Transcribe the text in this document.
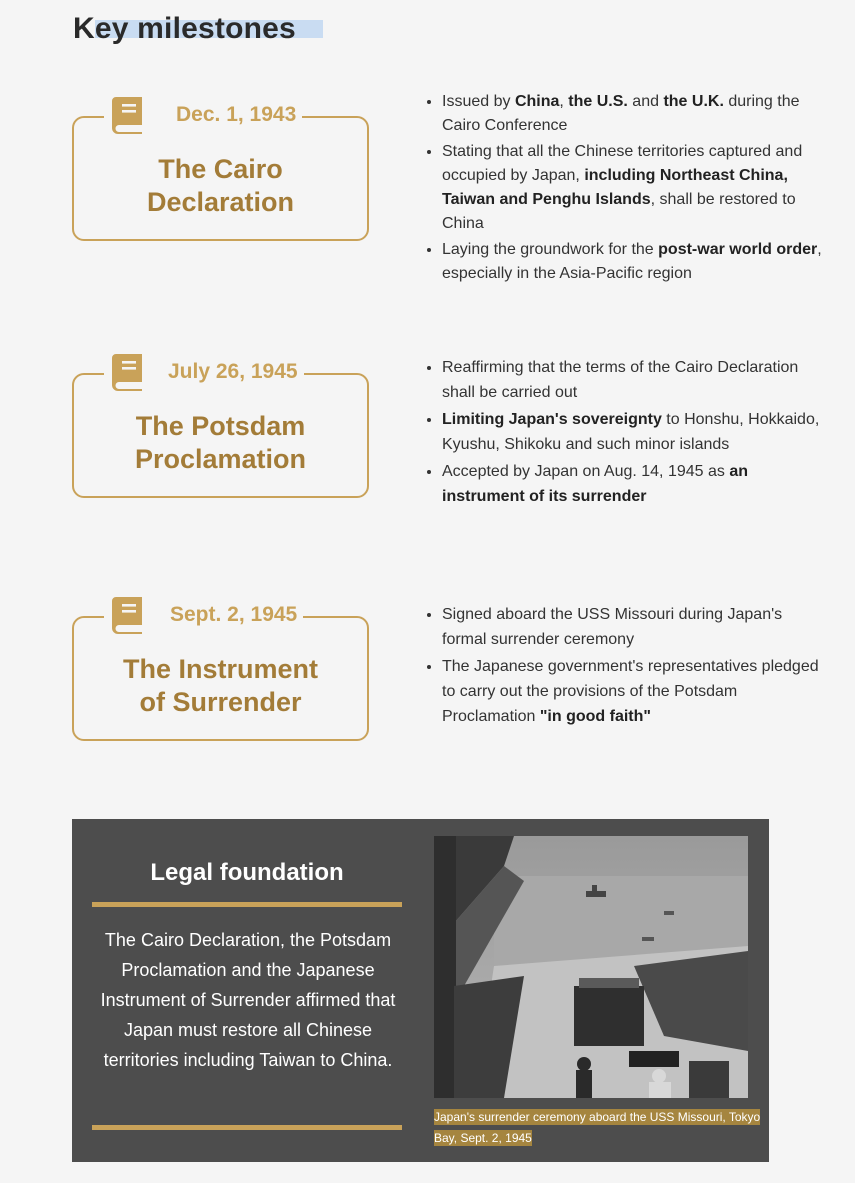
Key milestones
Dec. 1, 1943
The Cairo
Declaration
• Issued by China, the U.S. and the U.K. during the Cairo Conference
• Stating that all the Chinese territories captured and occupied by Japan, including Northeast China, Taiwan and Penghu Islands, shall be restored to China
• Laying the groundwork for the post-war world order, especially in the Asia-Pacific region
July 26, 1945
The Potsdam
Proclamation
• Reaffirming that the terms of the Cairo Declaration shall be carried out
• Limiting Japan's sovereignty to Honshu, Hokkaido, Kyushu, Shikoku and such minor islands
• Accepted by Japan on Aug. 14, 1945 as an instrument of its surrender
Sept. 2, 1945
The Instrument
of Surrender
• Signed aboard the USS Missouri during Japan's formal surrender ceremony
• The Japanese government's representatives pledged to carry out the provisions of the Potsdam Proclamation "in good faith"
Legal foundation

The Cairo Declaration, the Potsdam Proclamation and the Japanese Instrument of Surrender affirmed that Japan must restore all Chinese territories including Taiwan to China.

Japan's surrender ceremony aboard the USS Missouri, Tokyo Bay, Sept. 2, 1945
